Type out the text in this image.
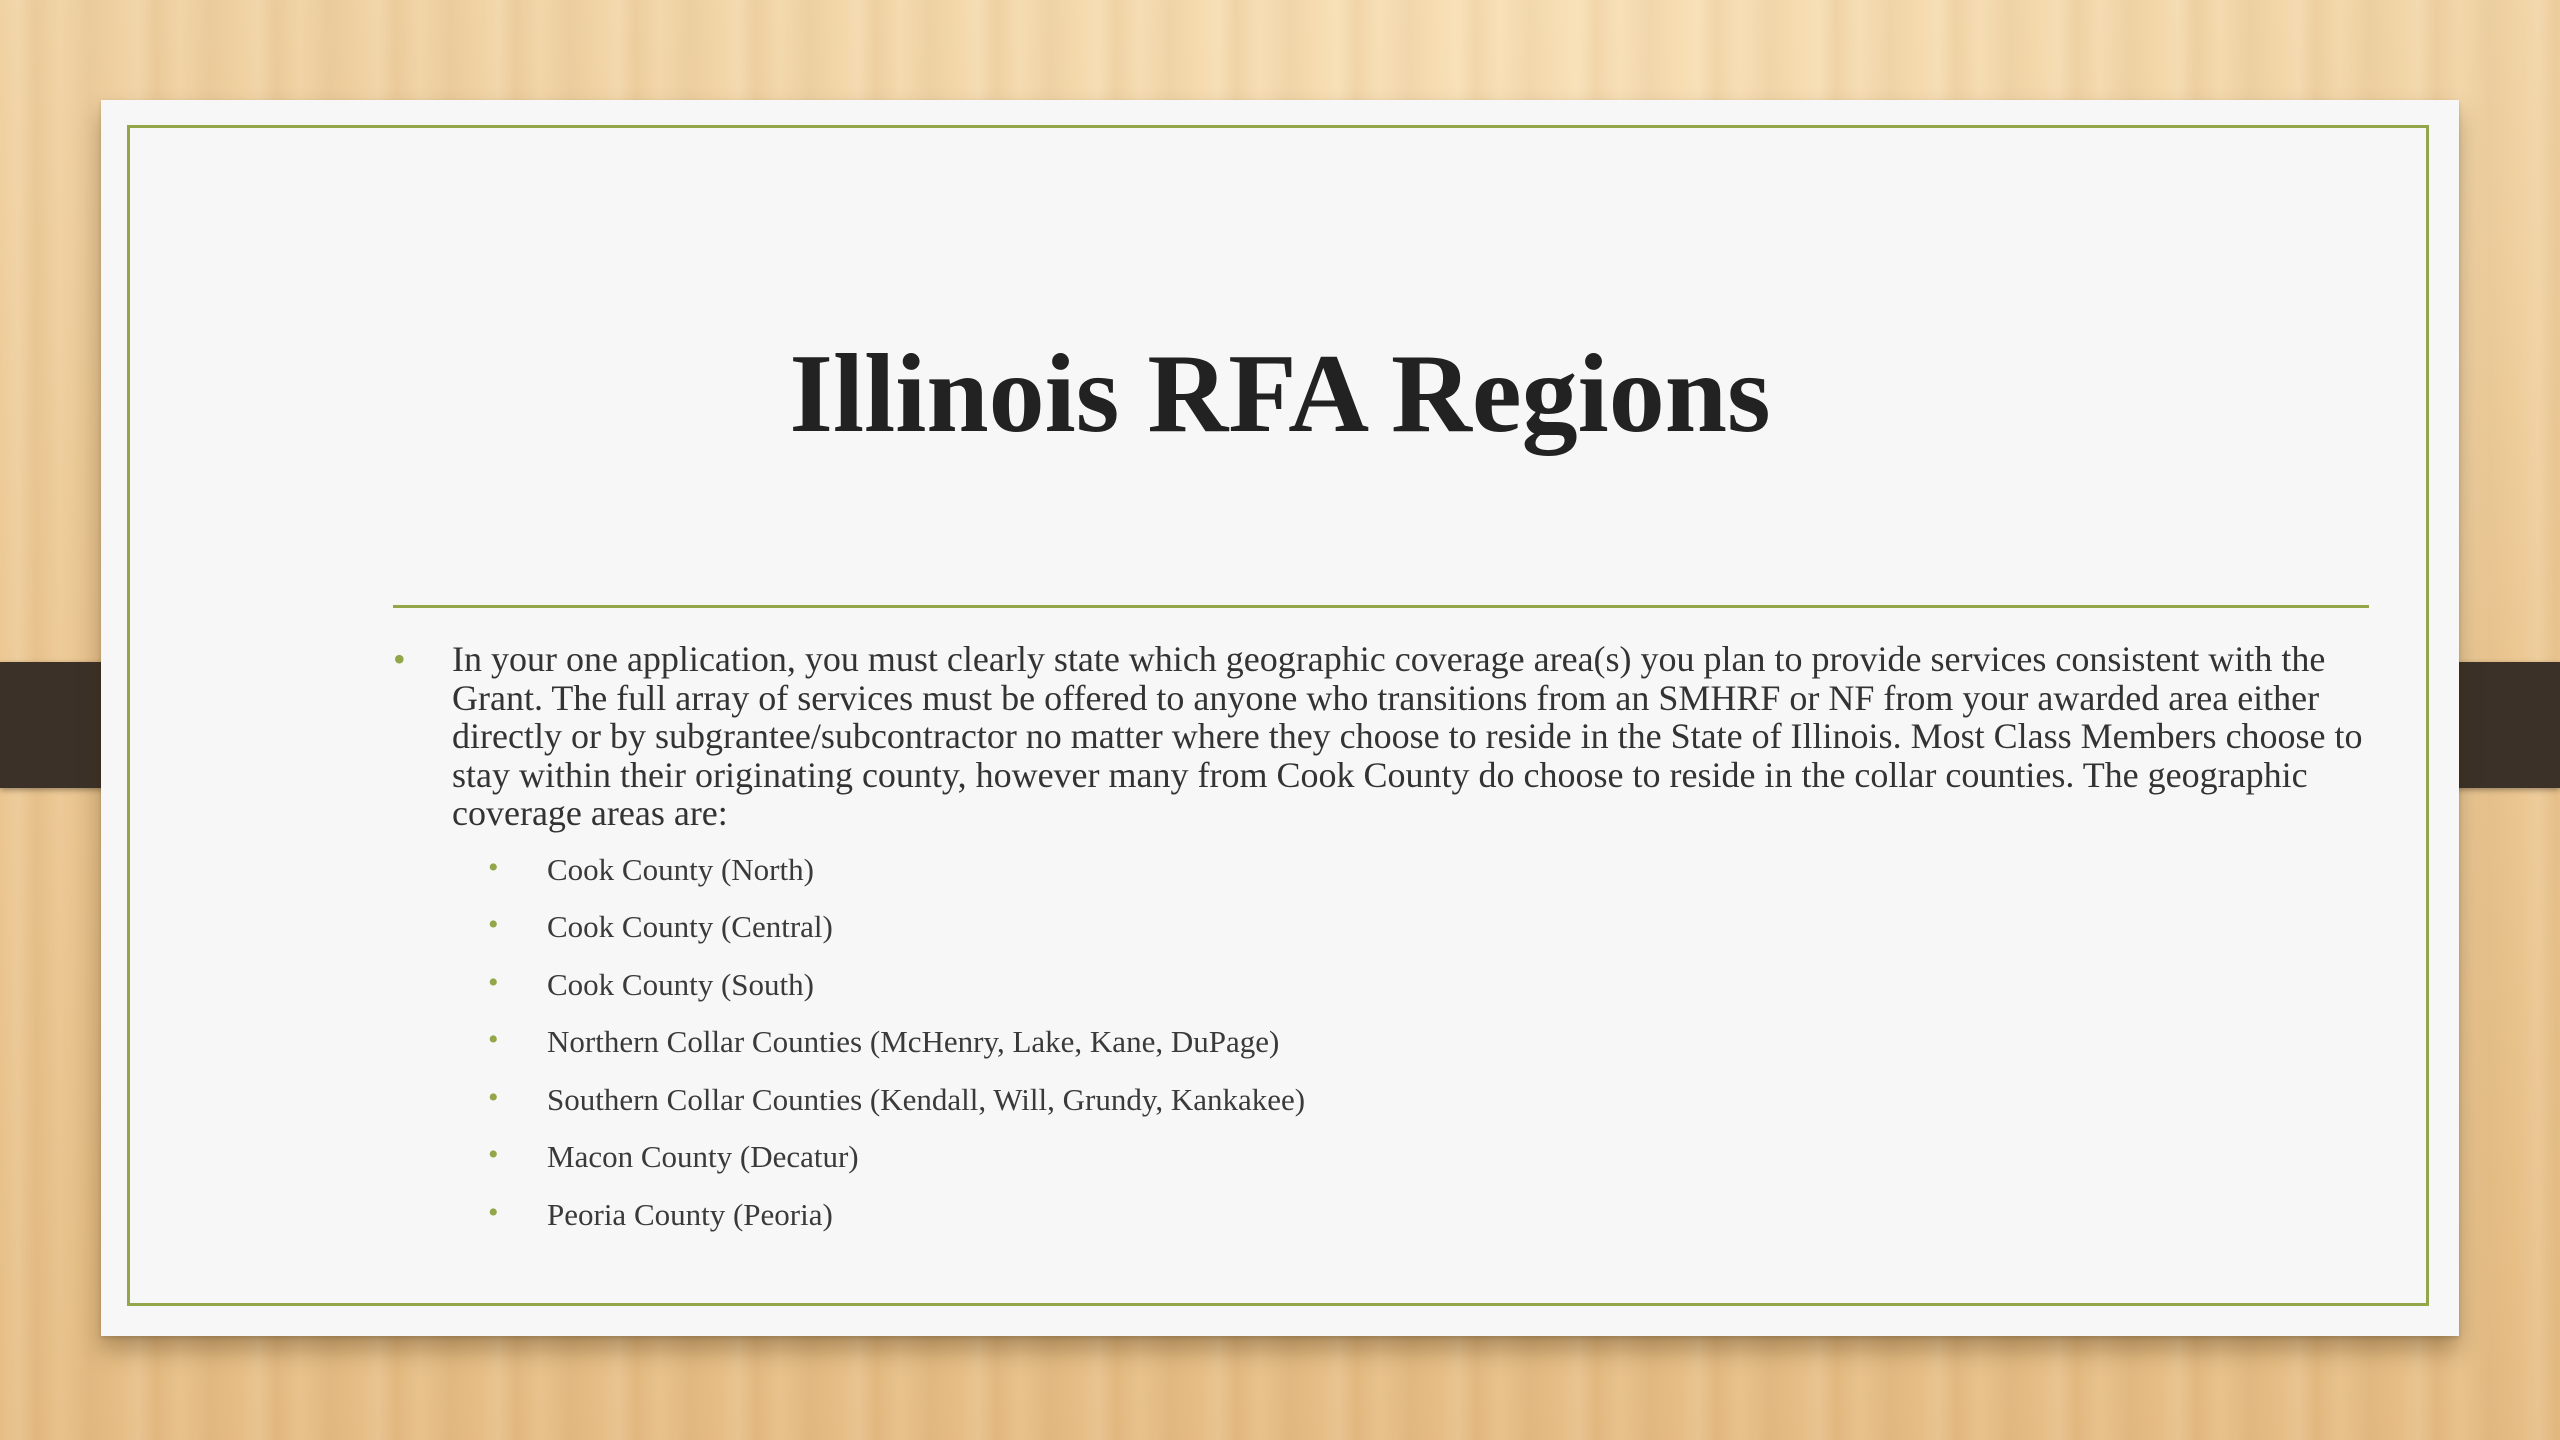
Illinois RFA Regions
• In your one application, you must clearly state which geographic coverage area(s) you plan to provide services consistent with the Grant. The full array of services must be offered to anyone who transitions from an SMHRF or NF from your awarded area either directly or by subgrantee/subcontractor no matter where they choose to reside in the State of Illinois. Most Class Members choose to stay within their originating county, however many from Cook County do choose to reside in the collar counties. The geographic coverage areas are:
• Cook County (North)
• Cook County (Central)
• Cook County (South)
• Northern Collar Counties (McHenry, Lake, Kane, DuPage)
• Southern Collar Counties (Kendall, Will, Grundy, Kankakee)
• Macon County (Decatur)
• Peoria County (Peoria)
